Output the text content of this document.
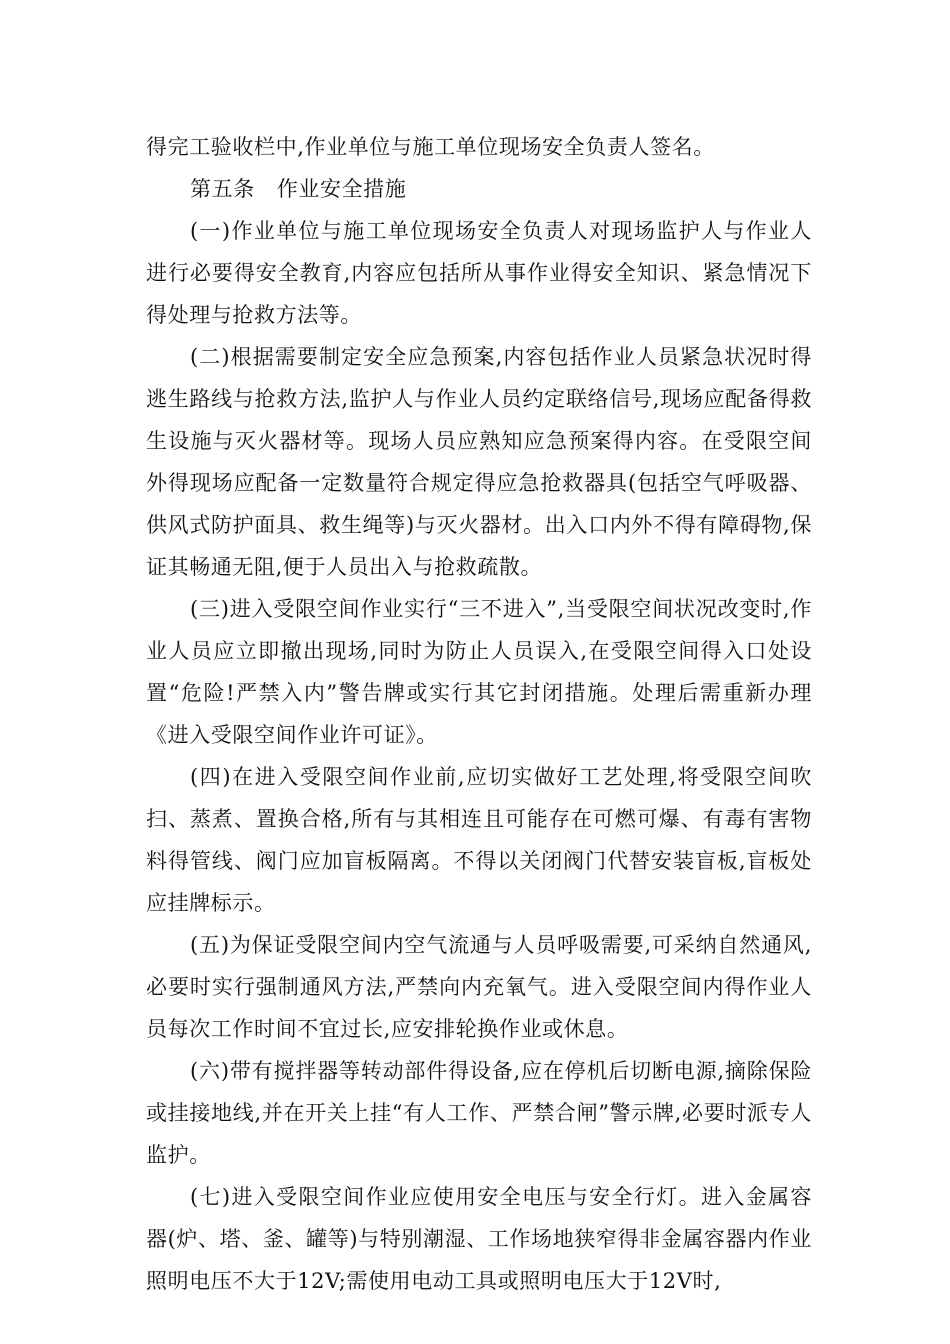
得完工验收栏中,作业单位与施工单位现场安全负责人签名。

第五条 作业安全措施

(一)作业单位与施工单位现场安全负责人对现场监护人与作业人进行必要得安全教育,内容应包括所从事作业得安全知识、紧急情况下得处理与抢救方法等。

(二)根据需要制定安全应急预案,内容包括作业人员紧急状况时得逃生路线与抢救方法,监护人与作业人员约定联络信号,现场应配备得救生设施与灭火器材等。现场人员应熟知应急预案得内容。在受限空间外得现场应配备一定数量符合规定得应急抢救器具(包括空气呼吸器、供风式防护面具、救生绳等)与灭火器材。出入口内外不得有障碍物,保证其畅通无阻,便于人员出入与抢救疏散。

(三)进入受限空间作业实行“三不进入”,当受限空间状况改变时,作业人员应立即撤出现场,同时为防止人员误入,在受限空间得入口处设置“危险!严禁入内”警告牌或实行其它封闭措施。处理后需重新办理《进入受限空间作业许可证》。

(四)在进入受限空间作业前,应切实做好工艺处理,将受限空间吹扫、蒸煮、置换合格,所有与其相连且可能存在可燃可爆、有毒有害物料得管线、阀门应加盲板隔离。不得以关闭阀门代替安装盲板,盲板处应挂牌标示。

(五)为保证受限空间内空气流通与人员呼吸需要,可采纳自然通风,必要时实行强制通风方法,严禁向内充氧气。进入受限空间内得作业人员每次工作时间不宜过长,应安排轮换作业或休息。

(六)带有搅拌器等转动部件得设备,应在停机后切断电源,摘除保险或挂接地线,并在开关上挂“有人工作、严禁合闸”警示牌,必要时派专人监护。

(七)进入受限空间作业应使用安全电压与安全行灯。进入金属容器(炉、塔、釜、罐等)与特别潮湿、工作场地狭窄得非金属容器内作业照明电压不大于12V;需使用电动工具或照明电压大于12V时,
